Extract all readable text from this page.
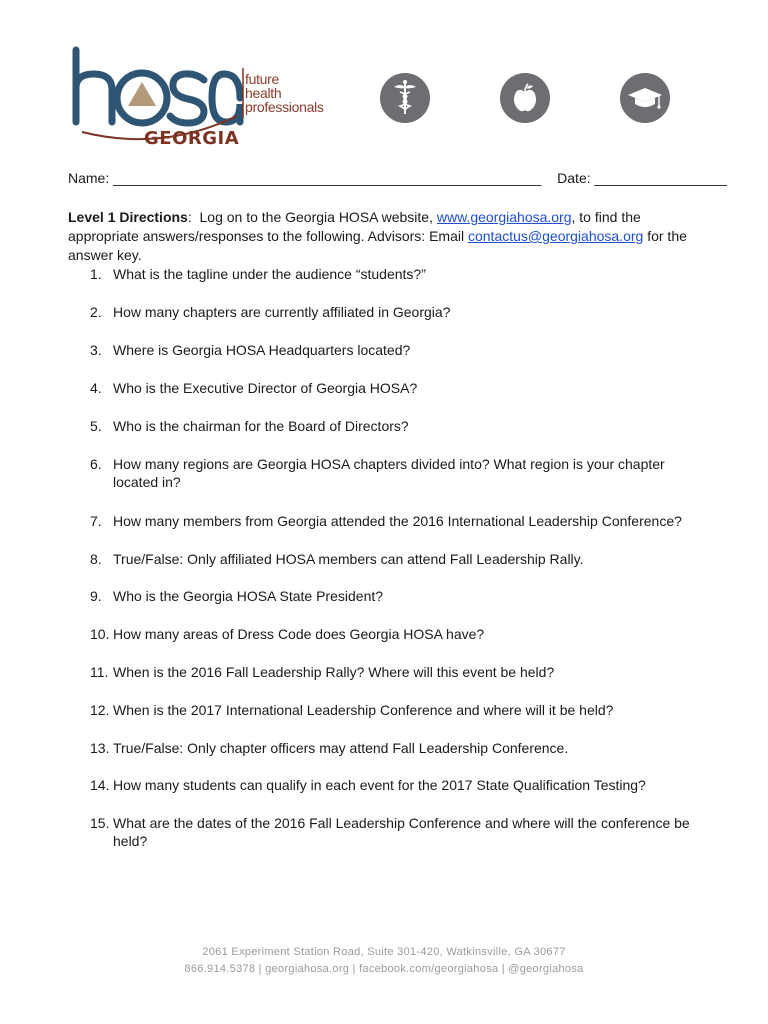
future
health
professionals
GEORGIA
Name: _______________________________________________________ Date: _________________
Level 1 Directions:  Log on to the Georgia HOSA website, www.georgiahosa.org, to find the appropriate answers/responses to the following. Advisors: Email contactus@georgiahosa.org for the answer key.
1. What is the tagline under the audience “students?”
2. How many chapters are currently affiliated in Georgia?
3. Where is Georgia HOSA Headquarters located?
4. Who is the Executive Director of Georgia HOSA?
5. Who is the chairman for the Board of Directors?
6. How many regions are Georgia HOSA chapters divided into? What region is your chapter located in?
7. How many members from Georgia attended the 2016 International Leadership Conference?
8. True/False: Only affiliated HOSA members can attend Fall Leadership Rally.
9. Who is the Georgia HOSA State President?
10. How many areas of Dress Code does Georgia HOSA have?
11. When is the 2016 Fall Leadership Rally? Where will this event be held?
12. When is the 2017 International Leadership Conference and where will it be held?
13. True/False: Only chapter officers may attend Fall Leadership Conference.
14. How many students can qualify in each event for the 2017 State Qualification Testing?
15. What are the dates of the 2016 Fall Leadership Conference and where will the conference be held?
2061 Experiment Station Road, Suite 301-420, Watkinsville, GA 30677
866.914.5378 | georgiahosa.org | facebook.com/georgiahosa | @georgiahosa
